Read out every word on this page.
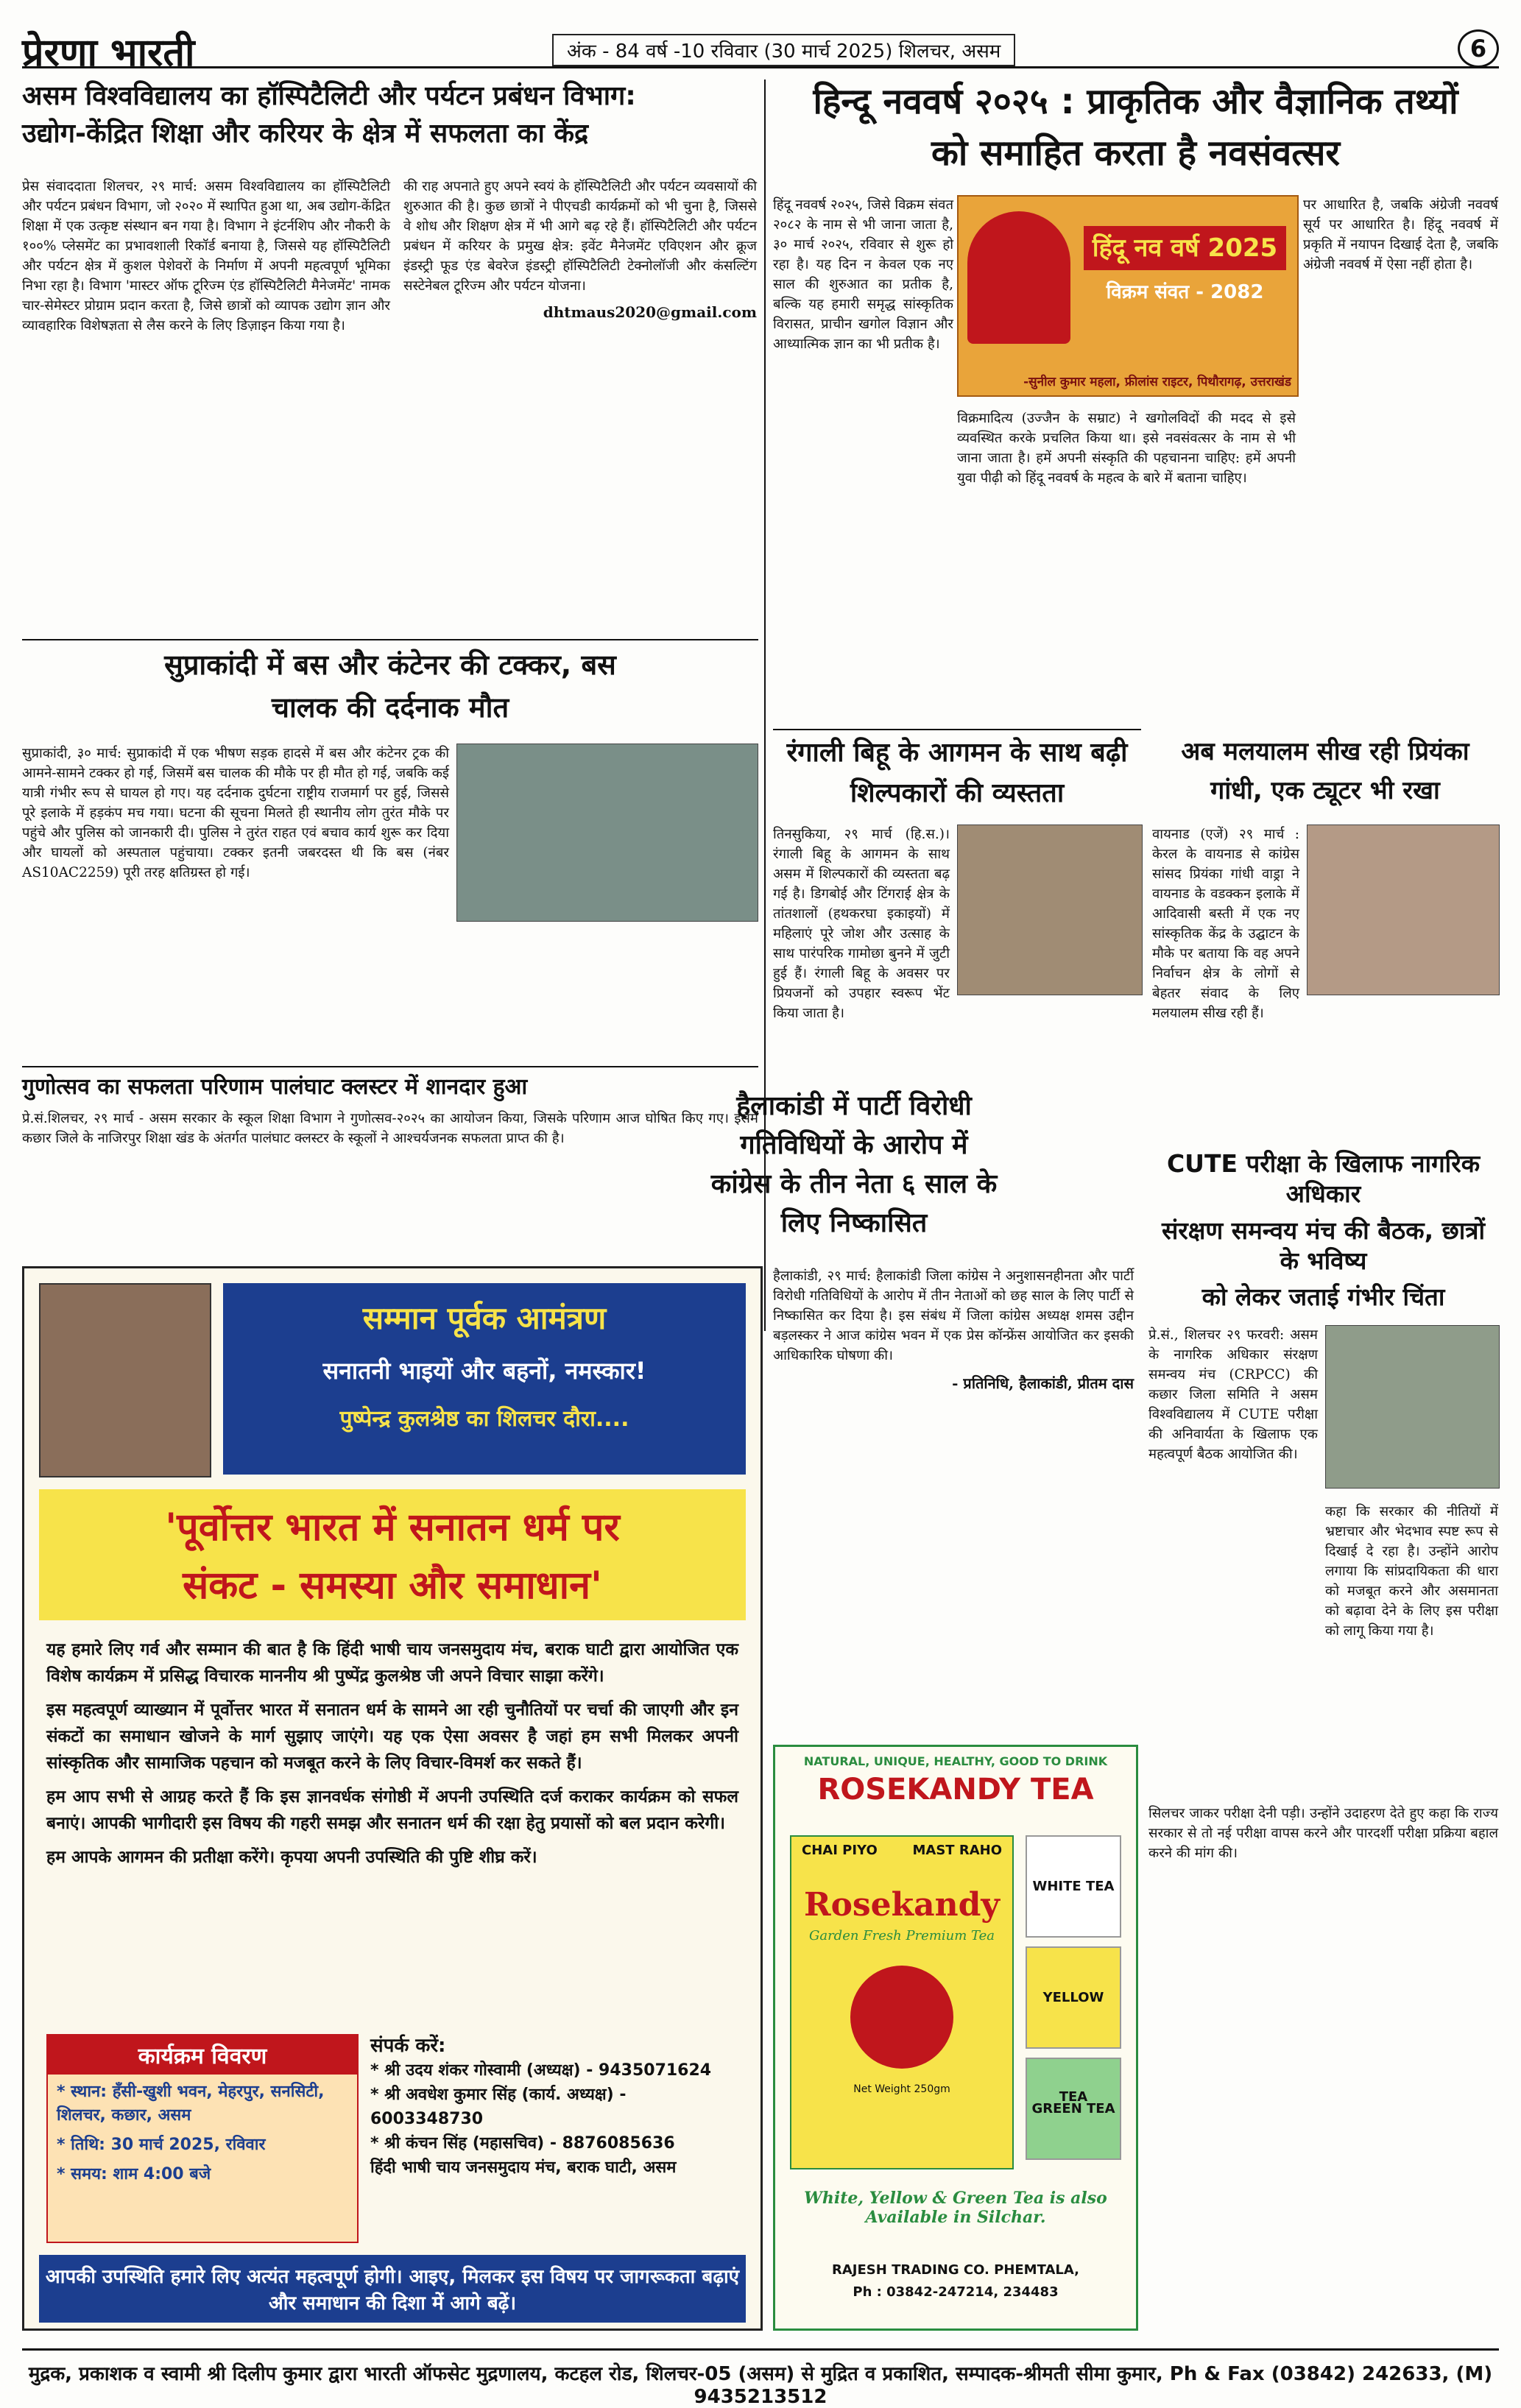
प्रेरणा भारती	अंक - 84 वर्ष -10 रविवार (30 मार्च 2025) शिलचर, असम	6
असम विश्वविद्यालय का हॉस्पिटैलिटी और पर्यटन प्रबंधन विभाग:
उद्योग-केंद्रित शिक्षा और करियर के क्षेत्र में सफलता का केंद्र

प्रेस संवाददाता शिलचर, २९ मार्च: असम विश्वविद्यालय का हॉस्पिटैलिटी और पर्यटन प्रबंधन विभाग, जो २०२० में स्थापित हुआ था, अब उद्योग-केंद्रित शिक्षा में एक उत्कृष्ट संस्थान बन गया है। विभाग ने इंटर्नशिप और नौकरी के १००% प्लेसमेंट का प्रभावशाली रिकॉर्ड बनाया है, जिससे यह हॉस्पिटैलिटी और पर्यटन क्षेत्र में कुशल पेशेवरों के निर्माण में अपनी महत्वपूर्ण भूमिका निभा रहा है। विभाग 'मास्टर ऑफ टूरिज्म एंड हॉस्पिटैलिटी मैनेजमेंट' नामक चार-सेमेस्टर प्रोग्राम प्रदान करता है, जिसे छात्रों को व्यापक उद्योग ज्ञान और व्यावहारिक विशेषज्ञता से लैस करने के लिए डिज़ाइन किया गया है।

की राह अपनाते हुए अपने स्वयं के हॉस्पिटैलिटी और पर्यटन व्यवसायों की शुरुआत की है। कुछ छात्रों ने पीएचडी कार्यक्रमों को भी चुना है, जिससे वे शोध और शिक्षण क्षेत्र में भी आगे बढ़ रहे हैं। हॉस्पिटैलिटी और पर्यटन प्रबंधन में करियर के प्रमुख क्षेत्र: इवेंट मैनेजमेंट एविएशन और क्रूज इंडस्ट्री फूड एंड बेवरेज इंडस्ट्री हॉस्पिटैलिटी टेक्नोलॉजी और कंसल्टिंग सस्टेनेबल टूरिज्म और पर्यटन योजना।

dhtmaus2020@gmail.com
हिन्दू नववर्ष २०२५ : प्राकृतिक और वैज्ञानिक तथ्यों
को समाहित करता है नवसंवत्सर

हिंदू नववर्ष २०२५, जिसे विक्रम संवत २०८२ के नाम से भी जाना जाता है, ३० मार्च २०२५, रविवार से शुरू हो रहा है। यह दिन न केवल एक नए साल की शुरुआत का प्रतीक है, बल्कि यह हमारी समृद्ध सांस्कृतिक विरासत, प्राचीन खगोल विज्ञान और आध्यात्मिक ज्ञान का भी प्रतीक है।

हिंदू नव वर्ष 2025
विक्रम संवत - 2082
-सुनील कुमार महला, फ्रीलांस राइटर, पिथौरागढ़, उत्तराखंड

विक्रमादित्य (उज्जैन के सम्राट) ने खगोलविदों की मदद से इसे व्यवस्थित करके प्रचलित किया था। इसे नवसंवत्सर के नाम से भी जाना जाता है। हमें अपनी संस्कृति की पहचानना चाहिए: हमें अपनी युवा पीढ़ी को हिंदू नववर्ष के महत्व के बारे में बताना चाहिए।

पर आधारित है, जबकि अंग्रेजी नववर्ष सूर्य पर आधारित है। हिंदू नववर्ष में प्रकृति में नयापन दिखाई देता है, जबकि अंग्रेजी नववर्ष में ऐसा नहीं होता है।

सुप्राकांदी में बस और कंटेनर की टक्कर, बस
चालक की दर्दनाक मौत

सुप्राकांदी, ३० मार्च: सुप्राकांदी में एक भीषण सड़क हादसे में बस और कंटेनर ट्रक की आमने-सामने टक्कर हो गई, जिसमें बस चालक की मौके पर ही मौत हो गई, जबकि कई यात्री गंभीर रूप से घायल हो गए। यह दर्दनाक दुर्घटना राष्ट्रीय राजमार्ग पर हुई, जिससे पूरे इलाके में हड़कंप मच गया। घटना की सूचना मिलते ही स्थानीय लोग तुरंत मौके पर पहुंचे और पुलिस को जानकारी दी। पुलिस ने तुरंत राहत एवं बचाव कार्य शुरू कर दिया और घायलों को अस्पताल पहुंचाया। टक्कर इतनी जबरदस्त थी कि बस (नंबर AS10AC2259) पूरी तरह क्षतिग्रस्त हो गई।

गुणोत्सव का सफलता परिणाम पालंघाट क्लस्टर में शानदार हुआ

प्रे.सं.शिलचर, २९ मार्च - असम सरकार के स्कूल शिक्षा विभाग ने गुणोत्सव-२०२५ का आयोजन किया, जिसके परिणाम आज घोषित किए गए। इसमें कछार जिले के नाजिरपुर शिक्षा खंड के अंतर्गत पालंघाट क्लस्टर के स्कूलों ने आश्चर्यजनक सफलता प्राप्त की है।

सम्मान पूर्वक आमंत्रण
सनातनी भाइयों और बहनों, नमस्कार!
पुष्पेन्द्र कुलश्रेष्ठ का शिलचर दौरा....
'पूर्वोत्तर भारत में सनातन धर्म पर
संकट - समस्या और समाधान'

यह हमारे लिए गर्व और सम्मान की बात है कि हिंदी भाषी चाय जनसमुदाय मंच, बराक घाटी द्वारा आयोजित एक विशेष कार्यक्रम में प्रसिद्ध विचारक माननीय श्री पुष्पेंद्र कुलश्रेष्ठ जी अपने विचार साझा करेंगे।

इस महत्वपूर्ण व्याख्यान में पूर्वोत्तर भारत में सनातन धर्म के सामने आ रही चुनौतियों पर चर्चा की जाएगी और इन संकटों का समाधान खोजने के मार्ग सुझाए जाएंगे। यह एक ऐसा अवसर है जहां हम सभी मिलकर अपनी सांस्कृतिक और सामाजिक पहचान को मजबूत करने के लिए विचार-विमर्श कर सकते हैं।

हम आप सभी से आग्रह करते हैं कि इस ज्ञानवर्धक संगोष्ठी में अपनी उपस्थिति दर्ज कराकर कार्यक्रम को सफल बनाएं। आपकी भागीदारी इस विषय की गहरी समझ और सनातन धर्म की रक्षा हेतु प्रयासों को बल प्रदान करेगी।

हम आपके आगमन की प्रतीक्षा करेंगे। कृपया अपनी उपस्थिति की पुष्टि शीघ्र करें।

कार्यक्रम विवरण
* स्थान: हँसी-खुशी भवन, मेहरपुर, सनसिटी, शिलचर, कछार, असम
* तिथि: 30 मार्च 2025, रविवार
* समय: शाम 4:00 बजे
संपर्क करें:
* श्री उदय शंकर गोस्वामी (अध्यक्ष) - 9435071624
* श्री अवधेश कुमार सिंह (कार्य. अध्यक्ष) - 6003348730
* श्री कंचन सिंह (महासचिव) - 8876085636
हिंदी भाषी चाय जनसमुदाय मंच, बराक घाटी, असम
आपकी उपस्थिति हमारे लिए अत्यंत महत्वपूर्ण होगी। आइए, मिलकर इस विषय पर जागरूकता बढ़ाएं और समाधान की दिशा में आगे बढ़ें।
रंगाली बिहू के आगमन के साथ बढ़ी
शिल्पकारों की व्यस्तता

तिनसुकिया, २९ मार्च (हि.स.)। रंगाली बिहू के आगमन के साथ असम में शिल्पकारों की व्यस्तता बढ़ गई है। डिगबोई और टिंगराई क्षेत्र के तांतशालों (हथकरघा इकाइयों) में महिलाएं पूरे जोश और उत्साह के साथ पारंपरिक गामोछा बुनने में जुटी हुई हैं। रंगाली बिहू के अवसर पर प्रियजनों को उपहार स्वरूप भेंट किया जाता है।

अब मलयालम सीख रही प्रियंका
गांधी, एक ट्यूटर भी रखा

वायनाड (एजें) २९ मार्च : केरल के वायनाड से कांग्रेस सांसद प्रियंका गांधी वाड्रा ने वायनाड के वडक्कन इलाके में आदिवासी बस्ती में एक नए सांस्कृतिक केंद्र के उद्घाटन के मौके पर बताया कि वह अपने निर्वाचन क्षेत्र के लोगों से बेहतर संवाद के लिए मलयालम सीख रही हैं।

हैलाकांडी में पार्टी विरोधी
गतिविधियों के आरोप में
कांग्रेस के तीन नेता ६ साल के
लिए निष्कासित

हैलाकांडी, २९ मार्च: हैलाकांडी जिला कांग्रेस ने अनुशासनहीनता और पार्टी विरोधी गतिविधियों के आरोप में तीन नेताओं को छह साल के लिए पार्टी से निष्कासित कर दिया है। इस संबंध में जिला कांग्रेस अध्यक्ष शमस उद्दीन बड़लस्कर ने आज कांग्रेस भवन में एक प्रेस कॉन्फ्रेंस आयोजित कर इसकी आधिकारिक घोषणा की।

- प्रतिनिधि, हैलाकांडी, प्रीतम दास
NATURAL, UNIQUE, HEALTHY, GOOD TO DRINK
ROSEKANDY TEA
CHAI PIYO	MAST RAHO
Rosekandy
Garden Fresh Premium Tea
Net Weight 250gm
WHITE TEA
YELLOW
GREEN TEA
White, Yellow & Green Tea is also Available in Silchar.
RAJESH TRADING CO. PHEMTALA,
Ph : 03842-247214, 234483
CUTE परीक्षा के खिलाफ नागरिक अधिकार
संरक्षण समन्वय मंच की बैठक, छात्रों के भविष्य
को लेकर जताई गंभीर चिंता

प्रे.सं., शिलचर २९ फरवरी: असम के नागरिक अधिकार संरक्षण समन्वय मंच (CRPCC) की कछार जिला समिति ने असम विश्वविद्यालय में CUTE परीक्षा की अनिवार्यता के खिलाफ एक महत्वपूर्ण बैठक आयोजित की।

कहा कि सरकार की नीतियों में भ्रष्टाचार और भेदभाव स्पष्ट रूप से दिखाई दे रहा है। उन्होंने आरोप लगाया कि सांप्रदायिकता की धारा को मजबूत करने और असमानता को बढ़ावा देने के लिए इस परीक्षा को लागू किया गया है।

सिलचर जाकर परीक्षा देनी पड़ी। उन्होंने उदाहरण देते हुए कहा कि राज्य सरकार से तो नई परीक्षा वापस करने और पारदर्शी परीक्षा प्रक्रिया बहाल करने की मांग की।

मुद्रक, प्रकाशक व स्वामी श्री दिलीप कुमार द्वारा भारती ऑफसेट मुद्रणालय, कटहल रोड, शिलचर-05 (असम) से मुद्रित व प्रकाशित, सम्पादक-श्रीमती सीमा कुमार, Ph & Fax (03842) 242633, (M) 9435213512
